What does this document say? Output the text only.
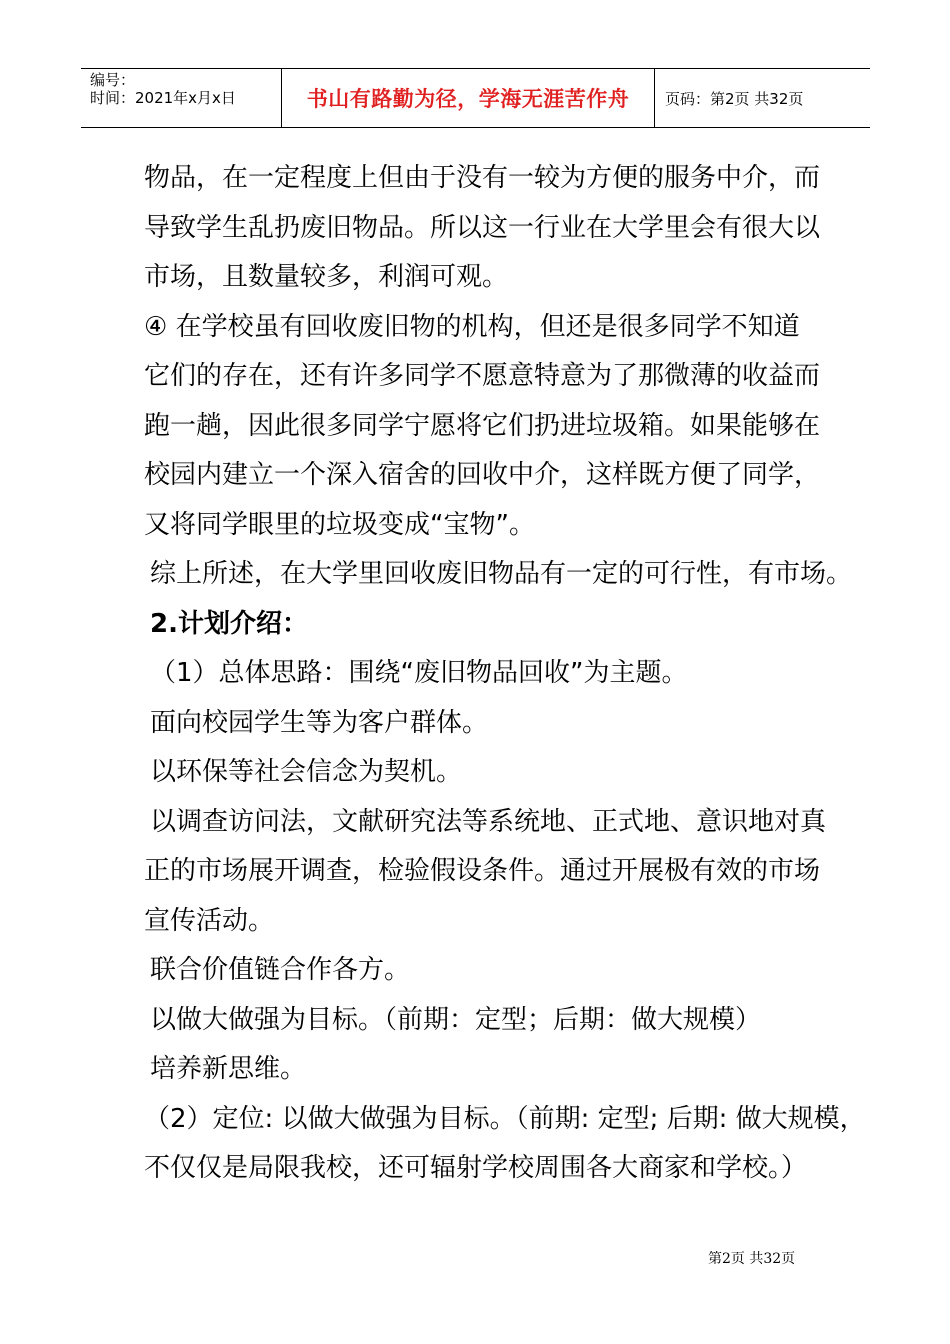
编号：
时间：2021年x月x日	书山有路勤为径，学海无涯苦作舟	页码：第2页 共32页
物品，在一定程度上但由于没有一较为方便的服务中介，而
导致学生乱扔废旧物品。所以这一行业在大学里会有很大以
市场，且数量较多，利润可观。
④ 在学校虽有回收废旧物的机构，但还是很多同学不知道
它们的存在，还有许多同学不愿意特意为了那微薄的收益而
跑一趟，因此很多同学宁愿将它们扔进垃圾箱。如果能够在
校园内建立一个深入宿舍的回收中介，这样既方便了同学，
又将同学眼里的垃圾变成“宝物”。
综上所述，在大学里回收废旧物品有一定的可行性，有市场。
2.计划介绍：
（1）总体思路：围绕“废旧物品回收”为主题。
面向校园学生等为客户群体。
以环保等社会信念为契机。
以调查访问法，文献研究法等系统地、正式地、意识地对真
正的市场展开调查，检验假设条件。通过开展极有效的市场
宣传活动。
联合价值链合作各方。
以做大做强为目标。（前期：定型；后期：做大规模）
培养新思维。
（2）定位: 以做大做强为目标。（前期: 定型; 后期: 做大规模，
不仅仅是局限我校，还可辐射学校周围各大商家和学校。）
第2页 共32页
